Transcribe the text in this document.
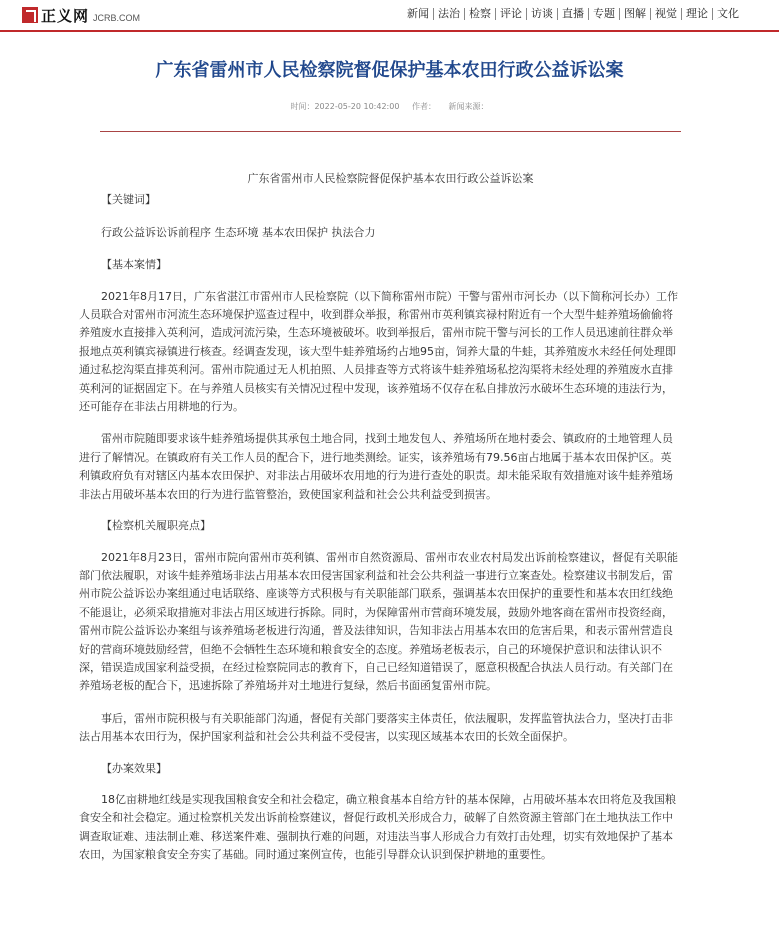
正义网 JCRB.COM	新闻 法治 检察 评论 访谈 直播 专题 图解 视觉 理论 文化
广东省雷州市人民检察院督促保护基本农田行政公益诉讼案
时间：2022-05-20 10:42:00 作者： 新闻来源：

广东省雷州市人民检察院督促保护基本农田行政公益诉讼案

【关键词】

行政公益诉讼诉前程序 生态环境 基本农田保护 执法合力

【基本案情】

2021年8月17日，广东省湛江市雷州市人民检察院（以下简称雷州市院）干警与雷州市河长办（以下简称河长办）工作人员联合对雷州市河流生态环境保护巡查过程中，收到群众举报，称雷州市英利镇宾禄村附近有一个大型牛蛙养殖场偷偷将养殖废水直接排入英利河，造成河流污染，生态环境被破坏。收到举报后，雷州市院干警与河长的工作人员迅速前往群众举报地点英利镇宾禄镇进行核查。经调查发现，该大型牛蛙养殖场约占地95亩，饲养大量的牛蛙，其养殖废水未经任何处理即通过私挖沟渠直排英利河。雷州市院通过无人机拍照、人员排查等方式将该牛蛙养殖场私挖沟渠将未经处理的养殖废水直排英利河的证据固定下。在与养殖人员核实有关情况过程中发现，该养殖场不仅存在私自排放污水破坏生态环境的违法行为，还可能存在非法占用耕地的行为。

雷州市院随即要求该牛蛙养殖场提供其承包土地合同，找到土地发包人、养殖场所在地村委会、镇政府的土地管理人员进行了解情况。在镇政府有关工作人员的配合下，进行地类测绘。证实，该养殖场有79.56亩占地属于基本农田保护区。英利镇政府负有对辖区内基本农田保护、对非法占用破坏农用地的行为进行查处的职责。却未能采取有效措施对该牛蛙养殖场非法占用破坏基本农田的行为进行监管整治，致使国家利益和社会公共利益受到损害。

【检察机关履职亮点】

2021年8月23日，雷州市院向雷州市英利镇、雷州市自然资源局、雷州市农业农村局发出诉前检察建议，督促有关职能部门依法履职，对该牛蛙养殖场非法占用基本农田侵害国家利益和社会公共利益一事进行立案查处。检察建议书制发后，雷州市院公益诉讼办案组通过电话联络、座谈等方式积极与有关职能部门联系，强调基本农田保护的重要性和基本农田红线绝不能退让，必须采取措施对非法占用区域进行拆除。同时，为保障雷州市营商环境发展，鼓励外地客商在雷州市投资经商，雷州市院公益诉讼办案组与该养殖场老板进行沟通，普及法律知识，告知非法占用基本农田的危害后果，和表示雷州营造良好的营商环境鼓励经营，但绝不会牺牲生态环境和粮食安全的态度。养殖场老板表示，自己的环境保护意识和法律认识不深，错误造成国家利益受损，在经过检察院同志的教育下，自己已经知道错误了，愿意积极配合执法人员行动。有关部门在养殖场老板的配合下，迅速拆除了养殖场并对土地进行复绿，然后书面函复雷州市院。

事后，雷州市院积极与有关职能部门沟通，督促有关部门要落实主体责任，依法履职，发挥监管执法合力，坚决打击非法占用基本农田行为，保护国家利益和社会公共利益不受侵害，以实现区域基本农田的长效全面保护。

【办案效果】

18亿亩耕地红线是实现我国粮食安全和社会稳定，确立粮食基本自给方针的基本保障，占用破坏基本农田将危及我国粮食安全和社会稳定。通过检察机关发出诉前检察建议，督促行政机关形成合力，破解了自然资源主管部门在土地执法工作中调查取证难、违法制止难、移送案件难、强制执行难的问题，对违法当事人形成合力有效打击处理，切实有效地保护了基本农田，为国家粮食安全夯实了基础。同时通过案例宣传，也能引导群众认识到保护耕地的重要性。
